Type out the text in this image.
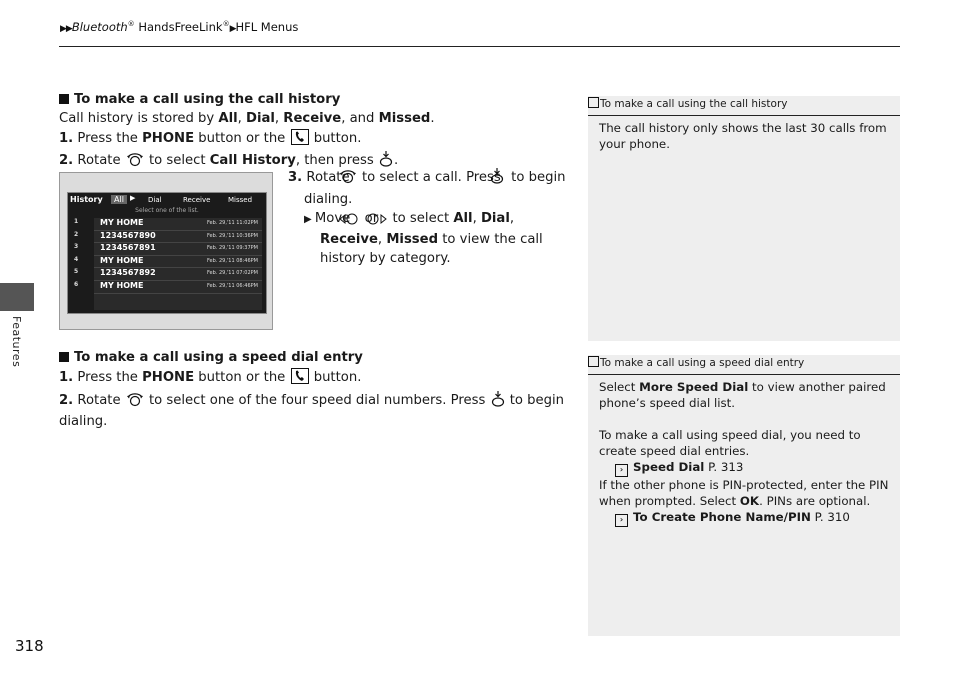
▶▶Bluetooth® HandsFreeLink®▶HFL Menus
Features
To make a call using the call history
Call history is stored by All, Dial, Receive, and Missed.
1. Press the PHONE button or the  button.
2. Rotate  to select Call History, then press .
History	All ▶ Dial	Receive	Missed
Select one of the list.
1	MY HOME	Feb. 29,'11 11:02PM
2	1234567890	Feb. 29,'11 10:36PM
3	1234567891	Feb. 29,'11 09:37PM
4	MY HOME	Feb. 29,'11 08:46PM
5	1234567892	Feb. 29,'11 07:02PM
6	MY HOME	Feb. 29,'11 06:46PM
3. Rotate  to select a call. Press  to begin dialing.
▶ Move  or  to select All, Dial, Receive, Missed to view the call history by category.
To make a call using a speed dial entry
1. Press the PHONE button or the  button.
2. Rotate  to select one of the four speed dial numbers. Press  to begin dialing.
To make a call using the call history
The call history only shows the last 30 calls from your phone.
To make a call using a speed dial entry
Select More Speed Dial to view another paired phone’s speed dial list.
To make a call using speed dial, you need to create speed dial entries.
› Speed Dial P. 313
If the other phone is PIN-protected, enter the PIN when prompted. Select OK. PINs are optional.
› To Create Phone Name/PIN P. 310
318
